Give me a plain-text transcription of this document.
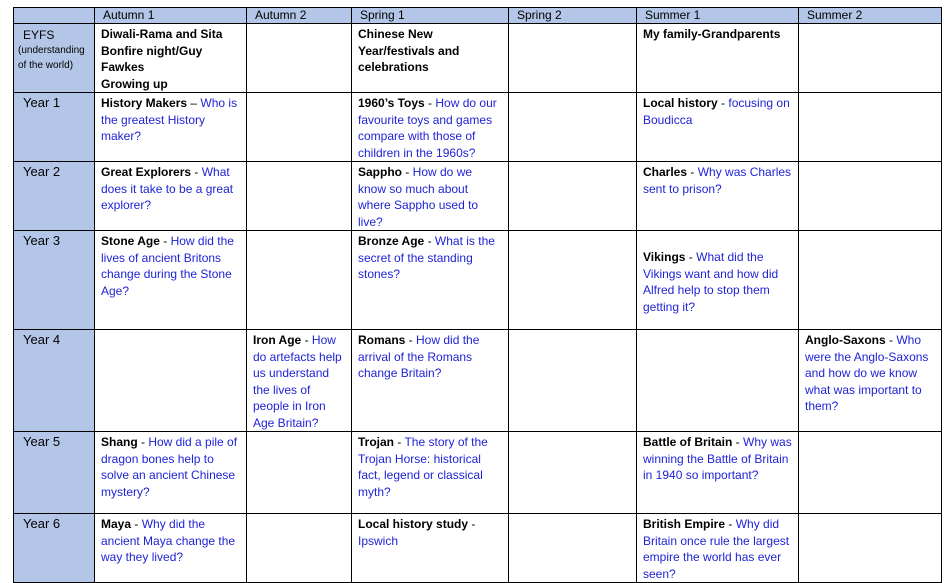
	Autumn 1	Autumn 2	Spring 1	Spring 2	Summer 1	Summer 2

EYFS
(understanding
of the world)	Diwali-Rama and Sita
Bonfire night/Guy
Fawkes
Growing up		Chinese New
Year/festivals and
celebrations		My family-Grandparents	
Year 1	History Makers – Who is the greatest History maker?		1960’s Toys - How do our favourite toys and games compare with those of children in the 1960s?		Local history - focusing on Boudicca	
Year 2	Great Explorers - What does it take to be a great explorer?		Sappho - How do we know so much about where Sappho used to live?		Charles - Why was Charles sent to prison?	
Year 3	Stone Age - How did the lives of ancient Britons change during the Stone Age?		Bronze Age - What is the secret of the standing stones?		Vikings - What did the Vikings want and how did Alfred help to stop them getting it?	
Year 4		Iron Age - How do artefacts help us understand the lives of people in Iron Age Britain?	Romans - How did the arrival of the Romans change Britain?			Anglo-Saxons - Who were the Anglo-Saxons and how do we know what was important to them?
Year 5	Shang - How did a pile of dragon bones help to solve an ancient Chinese mystery?		Trojan - The story of the Trojan Horse: historical fact, legend or classical myth?		Battle of Britain - Why was winning the Battle of Britain in 1940 so important?	
Year 6	Maya - Why did the ancient Maya change the way they lived?		Local history study -
Ipswich		British Empire - Why did Britain once rule the largest empire the world has ever seen?	
